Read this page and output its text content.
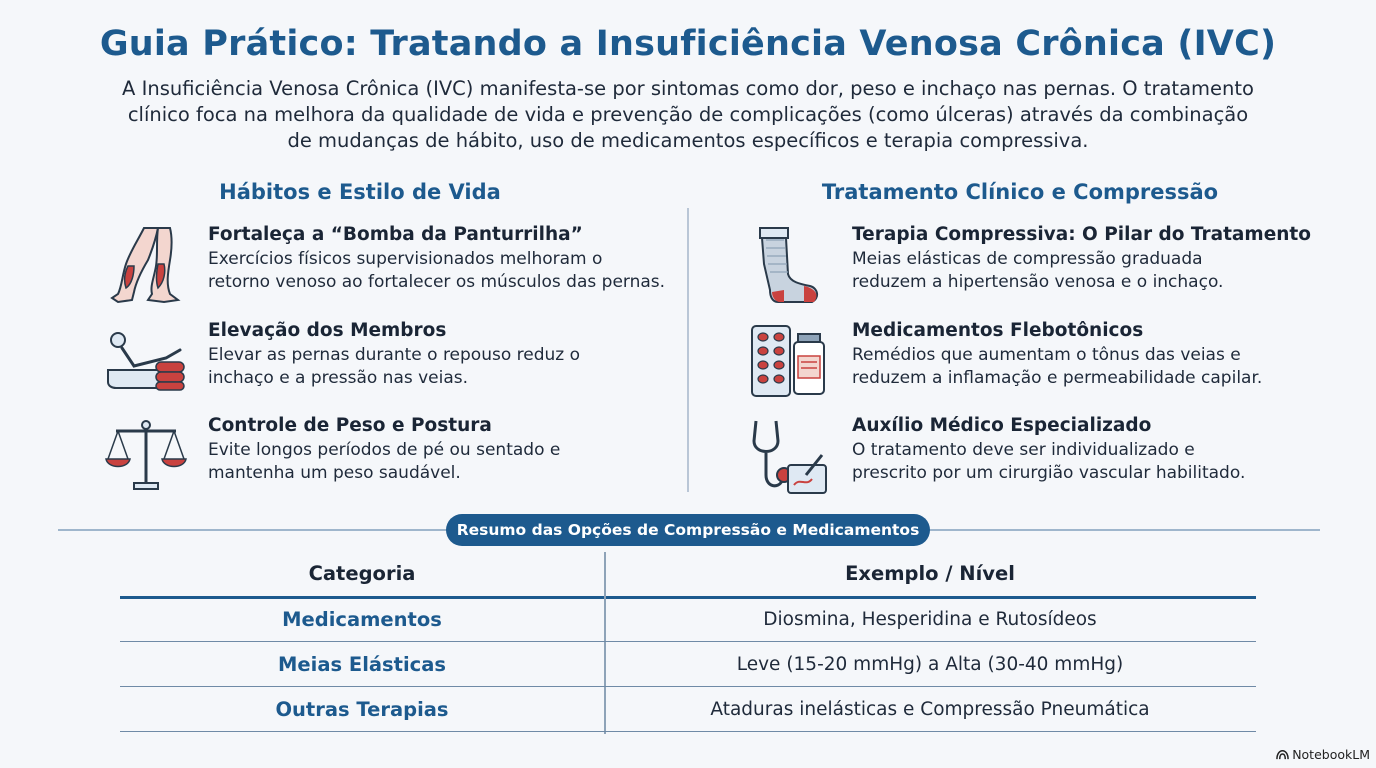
Guia Prático: Tratando a Insuficiência Venosa Crônica (IVC)
A Insuficiência Venosa Crônica (IVC) manifesta-se por sintomas como dor, peso e inchaço nas pernas. O tratamento
clínico foca na melhora da qualidade de vida e prevenção de complicações (como úlceras) através da combinação
de mudanças de hábito, uso de medicamentos específicos e terapia compressiva.
Hábitos e Estilo de Vida
Fortaleça a “Bomba da Panturrilha”
Exercícios físicos supervisionados melhoram o
retorno venoso ao fortalecer os músculos das pernas.
Elevação dos Membros
Elevar as pernas durante o repouso reduz o
inchaço e a pressão nas veias.
Controle de Peso e Postura
Evite longos períodos de pé ou sentado e
mantenha um peso saudável.
Tratamento Clínico e Compressão
Terapia Compressiva: O Pilar do Tratamento
Meias elásticas de compressão graduada
reduzem a hipertensão venosa e o inchaço.
Medicamentos Flebotônicos
Remédios que aumentam o tônus das veias e
reduzem a inflamação e permeabilidade capilar.
Auxílio Médico Especializado
O tratamento deve ser individualizado e
prescrito por um cirurgião vascular habilitado.
Resumo das Opções de Compressão e Medicamentos
Categoria	Exemplo / Nível
Medicamentos	Diosmina, Hesperidina e Rutosídeos
Meias Elásticas	Leve (15-20 mmHg) a Alta (30-40 mmHg)
Outras Terapias	Ataduras inelásticas e Compressão Pneumática
NotebookLM
